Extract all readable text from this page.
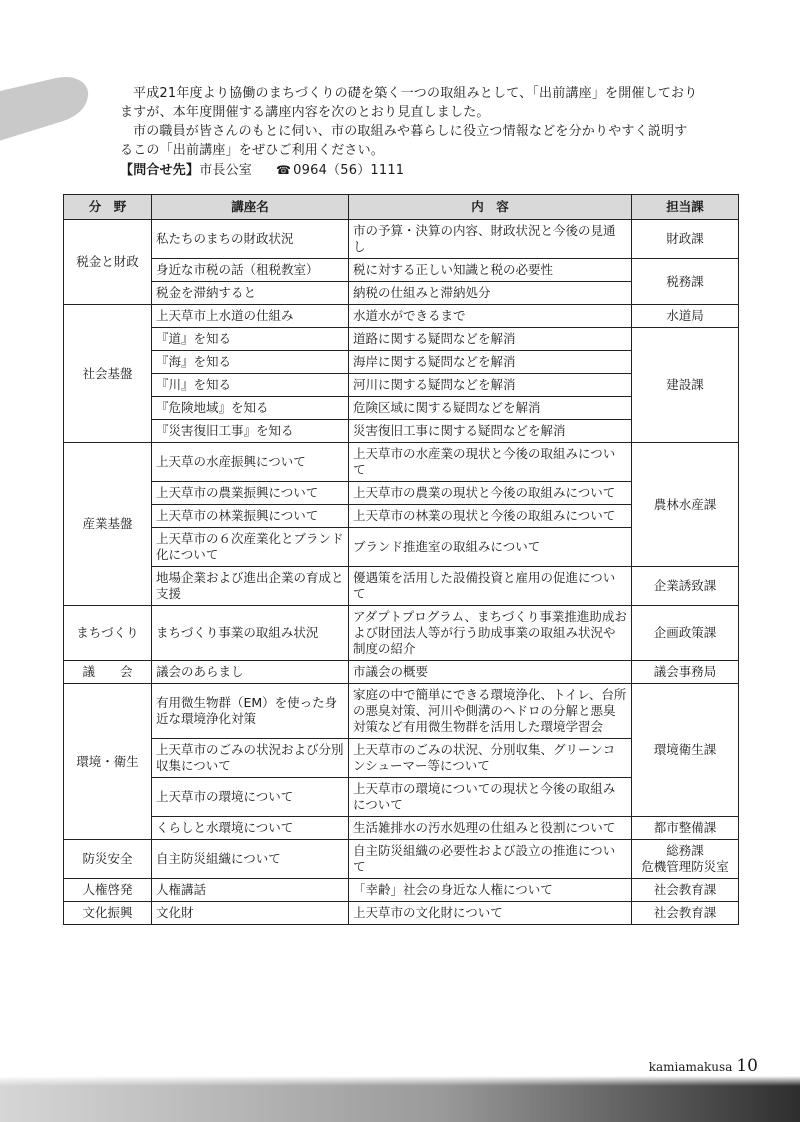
平成21年度より協働のまちづくりの礎を築く一つの取組みとして、「出前講座」を開催しておりますが、本年度開催する講座内容を次のとおり見直しました。

市の職員が皆さんのもとに伺い、市の取組みや暮らしに役立つ情報などを分かりやすく説明するこの「出前講座」をぜひご利用ください。

【問合せ先】市長公室 ☎ 0964（56）1111
分　野	講座名	内　容	担当課
税金と財政	私たちのまちの財政状況	市の予算・決算の内容、財政状況と今後の見通し	財政課

	身近な市税の話（租税教室）	税に対する正しい知識と税の必要性	税務課

	税金を滞納すると	納税の仕組みと滞納処分	
社会基盤	上天草市上水道の仕組み	水道水ができるまで	水道局

	『道』を知る	道路に関する疑問などを解消	建設課

	『海』を知る	海岸に関する疑問などを解消	
	『川』を知る	河川に関する疑問などを解消	
	『危険地域』を知る	危険区域に関する疑問などを解消	
	『災害復旧工事』を知る	災害復旧工事に関する疑問などを解消	
産業基盤	上天草の水産振興について	上天草市の水産業の現状と今後の取組みについて	農林水産課

	上天草市の農業振興について	上天草市の農業の現状と今後の取組みについて	
	上天草市の林業振興について	上天草市の林業の現状と今後の取組みについて	
	上天草市の６次産業化とブランド化について	ブランド推進室の取組みについて	
	地場企業および進出企業の育成と支援	優遇策を活用した設備投資と雇用の促進について	企業誘致課

まちづくり	まちづくり事業の取組み状況	アダプトプログラム、まちづくり事業推進助成および財団法人等が行う助成事業の取組み状況や制度の紹介	企画政策課

議　　会	議会のあらまし	市議会の概要	議会事務局

環境・衛生	有用微生物群（EM）を使った身近な環境浄化対策	家庭の中で簡単にできる環境浄化、トイレ、台所の悪臭対策、河川や側溝のヘドロの分解と悪臭対策など有用微生物群を活用した環境学習会	環境衛生課

	上天草市のごみの状況および分別収集について	上天草市のごみの状況、分別収集、グリーンコンシューマー等について	
	上天草市の環境について	上天草市の環境についての現状と今後の取組みについて	
	くらしと水環境について	生活雑排水の汚水処理の仕組みと役割について	都市整備課

防災安全	自主防災組織について	自主防災組織の必要性および設立の推進について	総務課
危機管理防災室

人権啓発	人権講話	「幸齢」社会の身近な人権について	社会教育課

文化振興	文化財	上天草市の文化財について	社会教育課
kamiamakusa 10
